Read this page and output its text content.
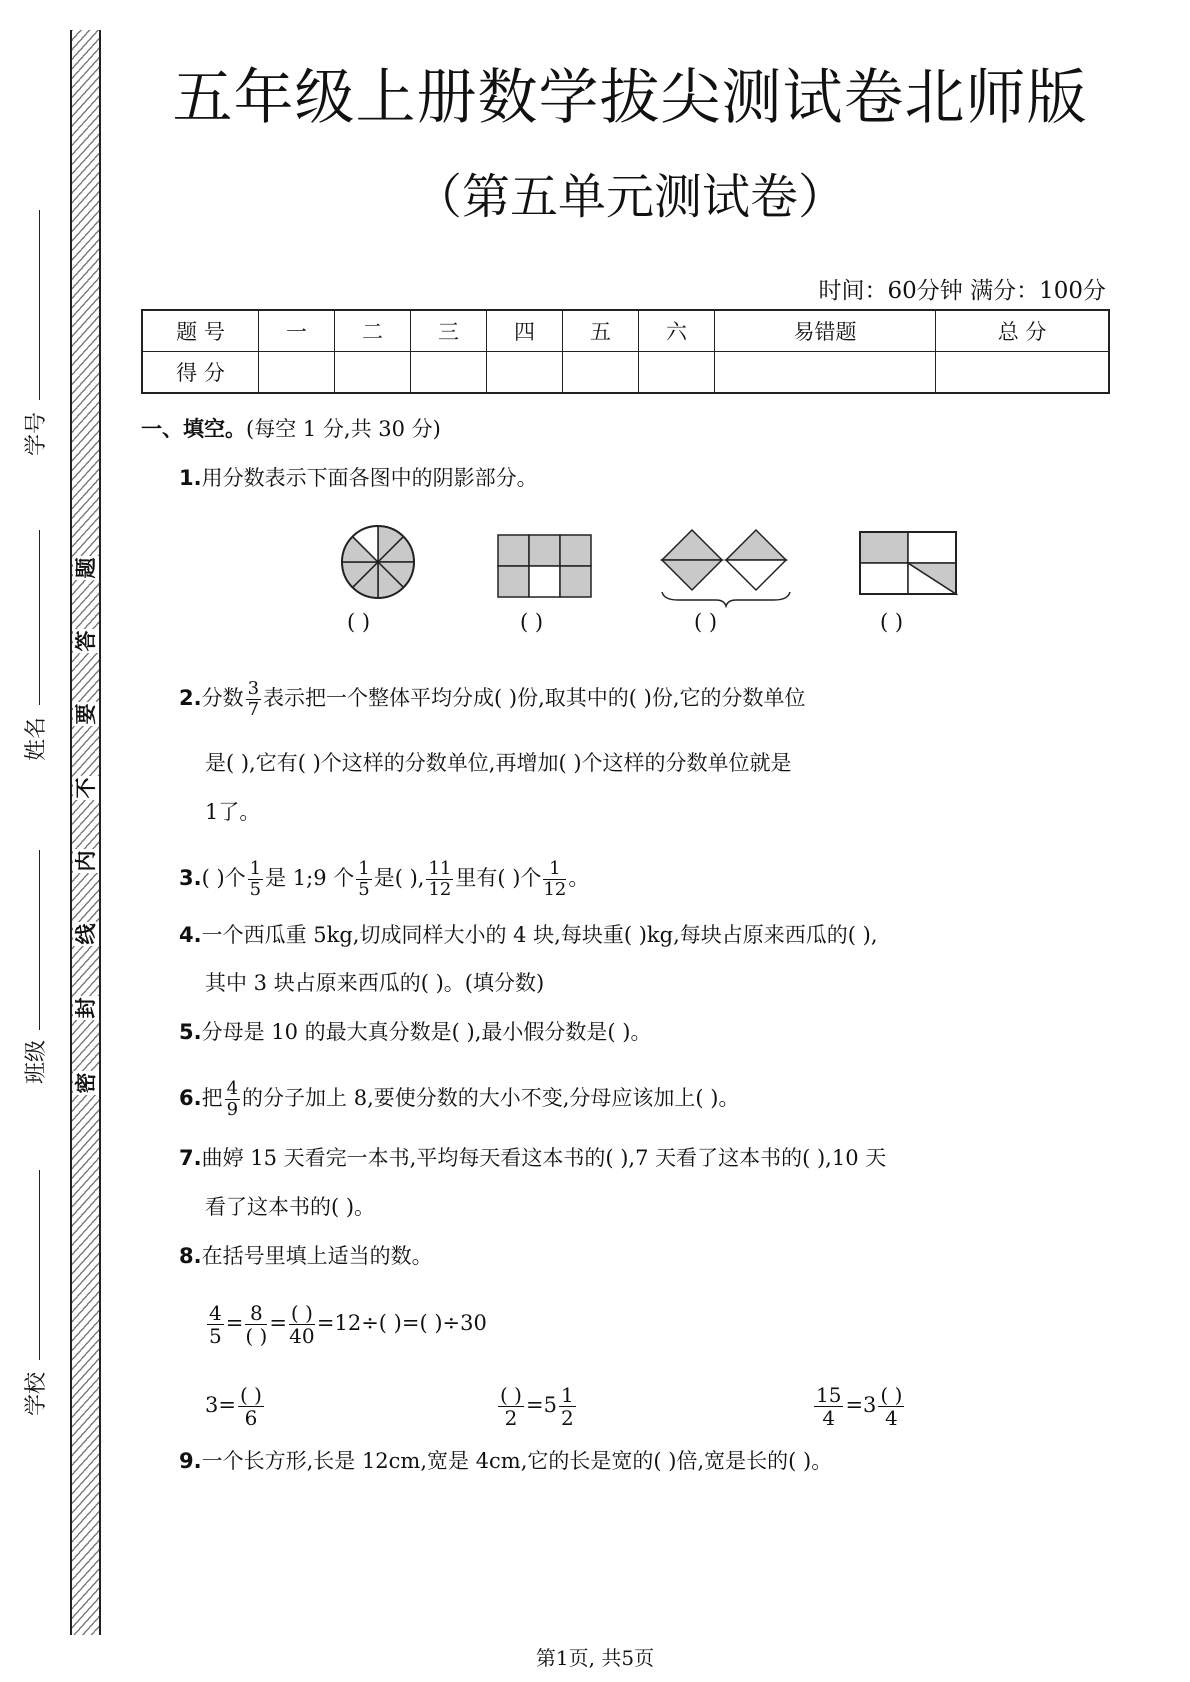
题
答
要
不
内
线
封
密
学号
姓名
班级
学校
五年级上册数学拔尖测试卷北师版
（第五单元测试卷）
时间：60分钟 满分：100分
题 号	一	二	三	四	五	六	易错题	总 分
得 分								
一、填空。(每空 1 分,共 30 分)
1.用分数表示下面各图中的阴影部分。
( )	( )	( )	( )
2.分数 $\frac{3}{7}$ 表示把一个整体平均分成( )份,取其中的( )份,它的分数单位
是( ),它有( )个这样的分数单位,再增加( )个这样的分数单位就是
1了。
3.( )个 $\frac{1}{5}$ 是 1;9 个 $\frac{1}{5}$ 是( ), $\frac{11}{12}$ 里有( )个 $\frac{1}{12}$ 。
4.一个西瓜重 5kg,切成同样大小的 4 块,每块重( )kg,每块占原来西瓜的( ),
其中 3 块占原来西瓜的( )。(填分数)
5.分母是 10 的最大真分数是( ),最小假分数是( )。
6.把 $\frac{4}{9}$ 的分子加上 8,要使分数的大小不变,分母应该加上( )。
7.曲婷 15 天看完一本书,平均每天看这本书的( ),7 天看了这本书的( ),10 天
看了这本书的( )。
8.在括号里填上适当的数。
$\frac{4}{5} = \frac{8}{( )} = \frac{( )}{40} =12\div$( )=( )÷30
$3= \frac{( )}{6}$	$\frac{( )}{2} =5 \frac{1}{2}$	$\frac{15}{4} =3 \frac{( )}{4}$
9.一个长方形,长是 12cm,宽是 4cm,它的长是宽的( )倍,宽是长的( )。
第1页, 共5页
